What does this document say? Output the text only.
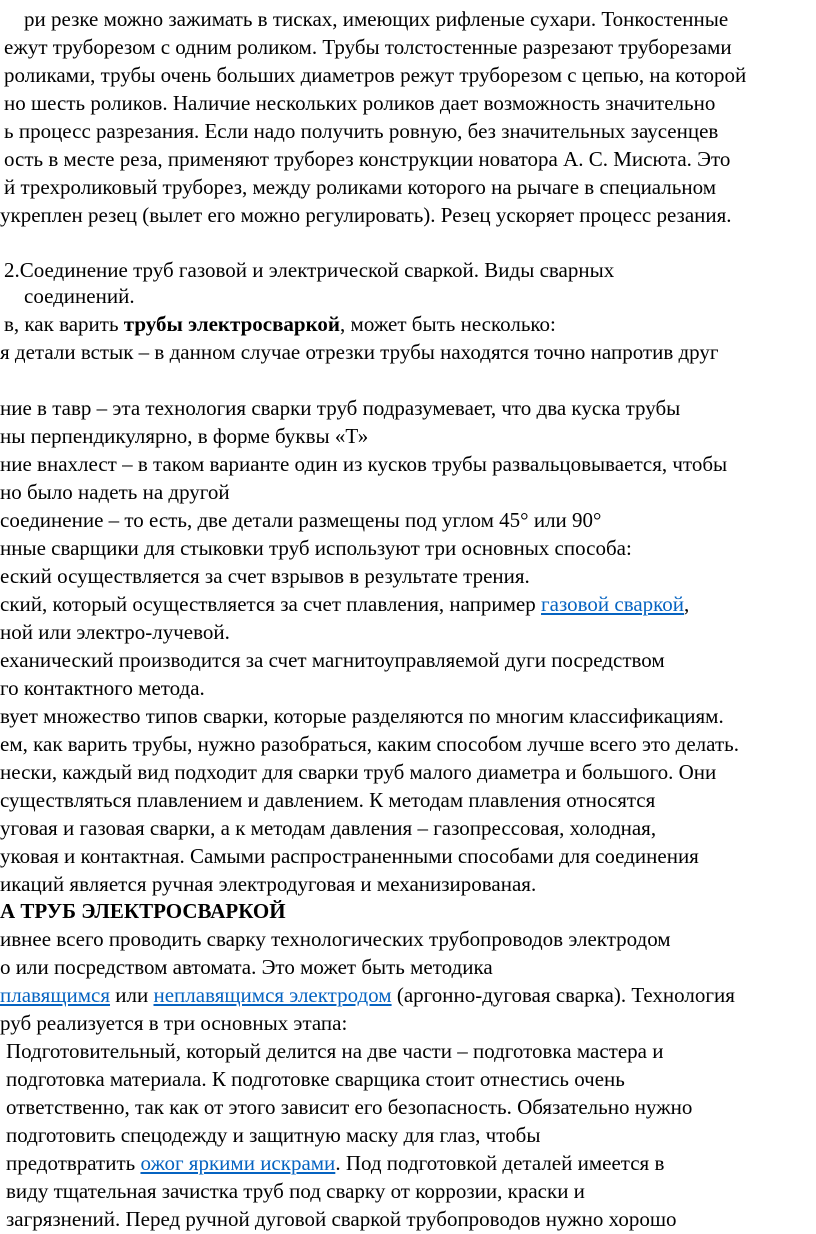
ри резке можно зажимать в тисках, имеющих рифленые сухари. Тонкостенные
ежут труборезом с одним роликом. Трубы толстостенные разрезают труборезами
роликами, трубы очень больших диаметров режут труборезом с цепью, на которой
но шесть роликов. Наличие нескольких роликов дает возможность значительно
ь процесс разрезания. Если надо получить ровную, без значительных заусенцев
ость в месте реза, применяют труборез конструкции новатора А. С. Мисюта. Это
й трехроликовый труборез, между роликами которого на рычаге в специальном
укреплен резец (вылет его можно регулировать). Резец ускоряет процесс резания.
2.Соединение труб газовой и электрической сваркой. Виды сварных
соединений.
в, как варить трубы электросваркой, может быть несколько:
я детали встык – в данном случае отрезки трубы находятся точно напротив друг
ние в тавр – эта технология сварки труб подразумевает, что два куска трубы
ны перпендикулярно, в форме буквы «Т»
ние внахлест – в таком варианте один из кусков трубы развальцовывается, чтобы
но было надеть на другой
соединение – то есть, две детали размещены под углом 45° или 90°
нные сварщики для стыковки труб используют три основных способа:
еский осуществляется за счет взрывов в результате трения.
ский, который осуществляется за счет плавления, например газовой сваркой,
ной или электро-лучевой.
еханический производится за счет магнитоуправляемой дуги посредством
го контактного метода.
вует множество типов сварки, которые разделяются по многим классификациям.
ем, как варить трубы, нужно разобраться, каким способом лучше всего это делать.
нески, каждый вид подходит для сварки труб малого диаметра и большого. Они
существляться плавлением и давлением. К методам плавления относятся
уговая и газовая сварки, а к методам давления – газопрессовая, холодная,
уковая и контактная. Самыми распространенными способами для соединения
икаций является ручная электродуговая и механизированая.
А ТРУБ ЭЛЕКТРОСВАРКОЙ
ивнее всего проводить сварку технологических трубопроводов электродом
о или посредством автомата. Это может быть методика
плавящимся или неплавящимся электродом (аргонно-дуговая сварка). Технология
руб реализуется в три основных этапа:
Подготовительный, который делится на две части – подготовка мастера и
подготовка материала. К подготовке сварщика стоит отнестись очень
ответственно, так как от этого зависит его безопасность. Обязательно нужно
подготовить спецодежду и защитную маску для глаз, чтобы
предотвратить ожог яркими искрами. Под подготовкой деталей имеется в
виду тщательная зачистка труб под сварку от коррозии, краски и
загрязнений. Перед ручной дуговой сваркой трубопроводов нужно хорошо
